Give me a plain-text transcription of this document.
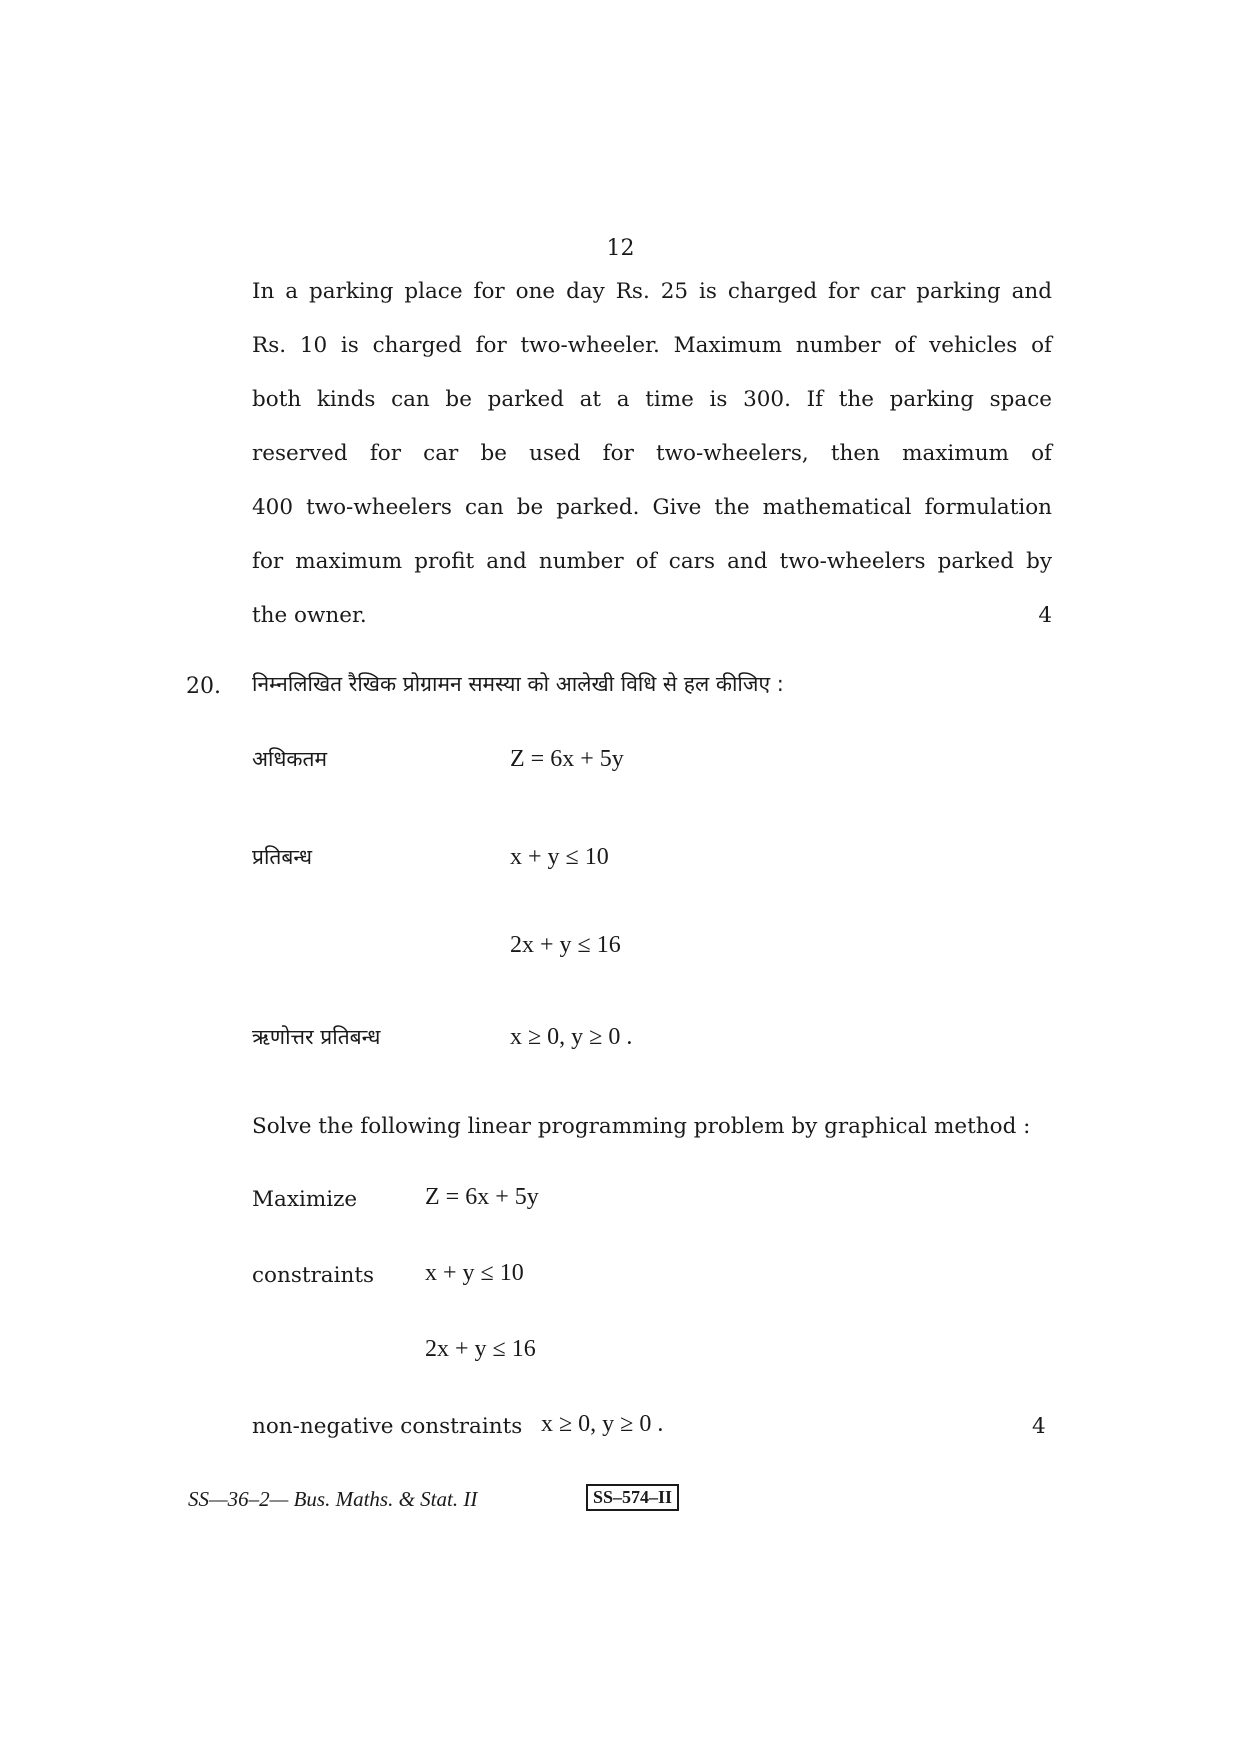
12

In a parking place for one day Rs. 25 is charged for car parking and

Rs. 10 is charged for two-wheeler. Maximum number of vehicles of

both kinds can be parked at a time is 300. If the parking space

reserved for car be used for two-wheelers, then maximum of

400 two-wheelers can be parked. Give the mathematical formulation

for maximum profit and number of cars and two-wheelers parked by

the owner.	4
20. निम्नलिखित रैखिक प्रोग्रामन समस्या को आलेखी विधि से हल कीजिए :
अधिकतम	Z = 6x + 5y
प्रतिबन्ध	x + y ≤ 10
2x + y ≤ 16
ऋणोत्तर प्रतिबन्ध	x ≥ 0, y ≥ 0 .
Solve the following linear programming problem by graphical method :
Maximize	Z = 6x + 5y
constraints x + y ≤ 10
2x + y ≤ 16
non-negative constraints x ≥ 0, y ≥ 0 .	4
SS—36–2— Bus. Maths. & Stat. II	SS–574–II
